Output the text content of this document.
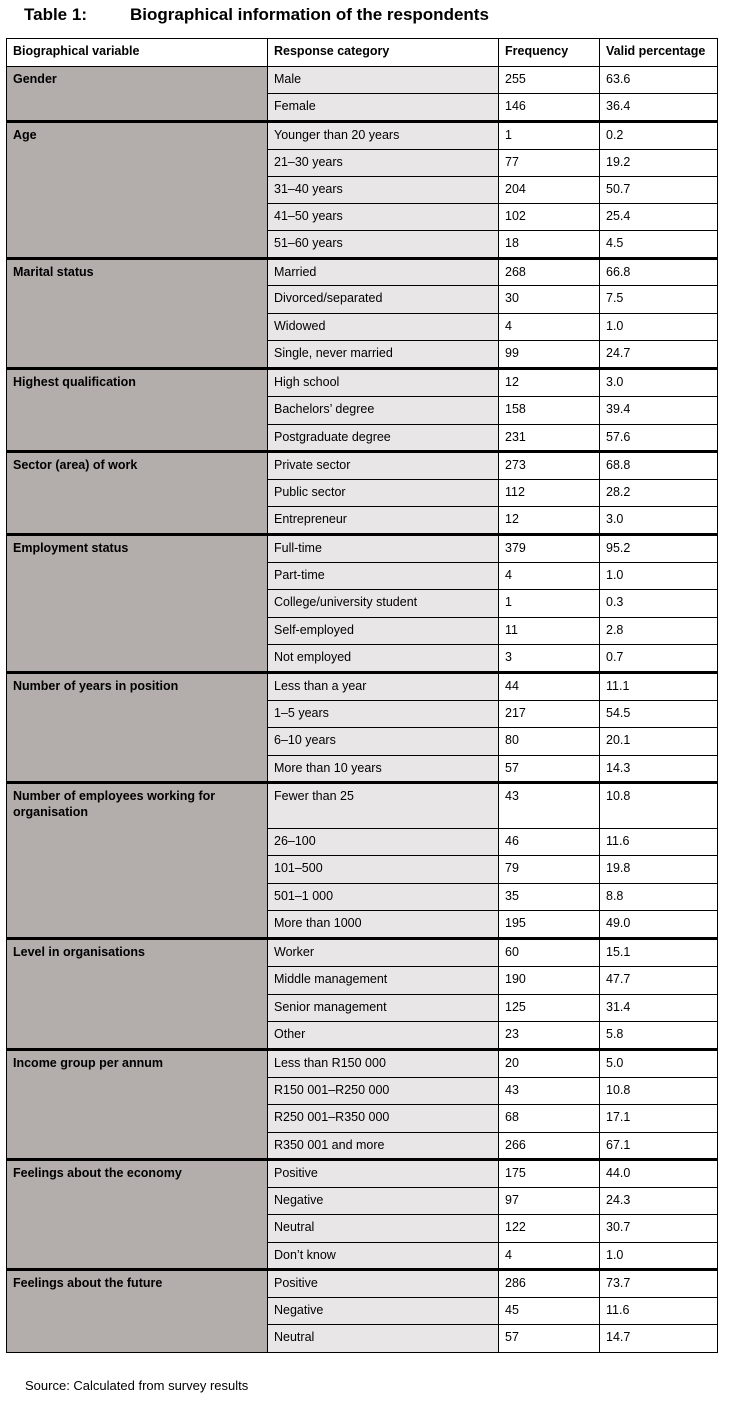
Table 1:	Biographical information of the respondents
Biographical variable	Response category	Frequency	Valid percentage
Gender	Male	255	63.6
	Female	146	36.4
Age	Younger than 20 years	1	0.2
	21–30 years	77	19.2
	31–40 years	204	50.7
	41–50 years	102	25.4
	51–60 years	18	4.5
Marital status	Married	268	66.8
	Divorced/separated	30	7.5
	Widowed	4	1.0
	Single, never married	99	24.7
Highest qualification	High school	12	3.0
	Bachelors’ degree	158	39.4
	Postgraduate degree	231	57.6
Sector (area) of work	Private sector	273	68.8
	Public sector	112	28.2
	Entrepreneur	12	3.0
Employment status	Full-time	379	95.2
	Part-time	4	1.0
	College/university student	1	0.3
	Self-employed	11	2.8
	Not employed	3	0.7
Number of years in position	Less than a year	44	11.1
	1–5 years	217	54.5
	6–10 years	80	20.1
	More than 10 years	57	14.3
Number of employees working for organisation	Fewer than 25	43	10.8
	26–100	46	11.6
	101–500	79	19.8
	501–1 000	35	8.8
	More than 1000	195	49.0
Level in organisations	Worker	60	15.1
	Middle management	190	47.7
	Senior management	125	31.4
	Other	23	5.8
Income group per annum	Less than R150 000	20	5.0
	R150 001–R250 000	43	10.8
	R250 001–R350 000	68	17.1
	R350 001 and more	266	67.1
Feelings about the economy	Positive	175	44.0
	Negative	97	24.3
	Neutral	122	30.7
	Don’t know	4	1.0
Feelings about the future	Positive	286	73.7
	Negative	45	11.6
	Neutral	57	14.7
Source: Calculated from survey results
